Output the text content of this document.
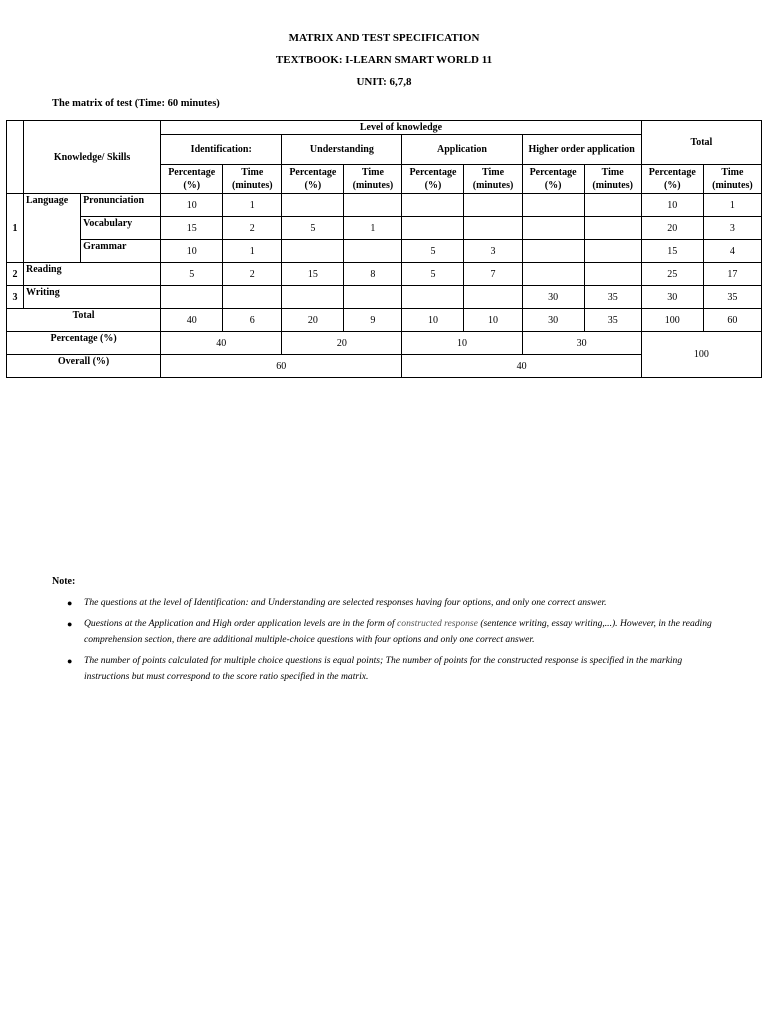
MATRIX AND TEST SPECIFICATION
TEXTBOOK: I-LEARN SMART WORLD 11
UNIT: 6,7,8
The matrix of test (Time: 60 minutes)
	Knowledge/ Skills		Level of knowledge								Total	
			Identification:		Understanding		Application		Higher order application			
			Percentage (%)	Time (minutes)	Percentage (%)	Time (minutes)	Percentage (%)	Time (minutes)	Percentage (%)	Time (minutes)	Percentage (%)	Time (minutes)
1	Language	Pronunciation	10	1							10	1
		Vocabulary	15	2	5	1					20	3
		Grammar	10	1			5	3			15	4
2	Reading		5	2	15	8	5	7			25	17
3	Writing								30	35	30	35
Total			40	6	20	9	10	10	30	35	100	60
Percentage (%)			40		20		10		30		100	
Overall (%)			60				40					
Note:
● The questions at the level of Identification: and Understanding are selected responses having four options, and only one correct answer.
● Questions at the Application and High order application levels are in the form of constructed response (sentence writing, essay writing,...). However, in the reading comprehension section, there are additional multiple-choice questions with four options and only one correct answer.
● The number of points calculated for multiple choice questions is equal points; The number of points for the constructed response is specified in the marking instructions but must correspond to the score ratio specified in the matrix.
